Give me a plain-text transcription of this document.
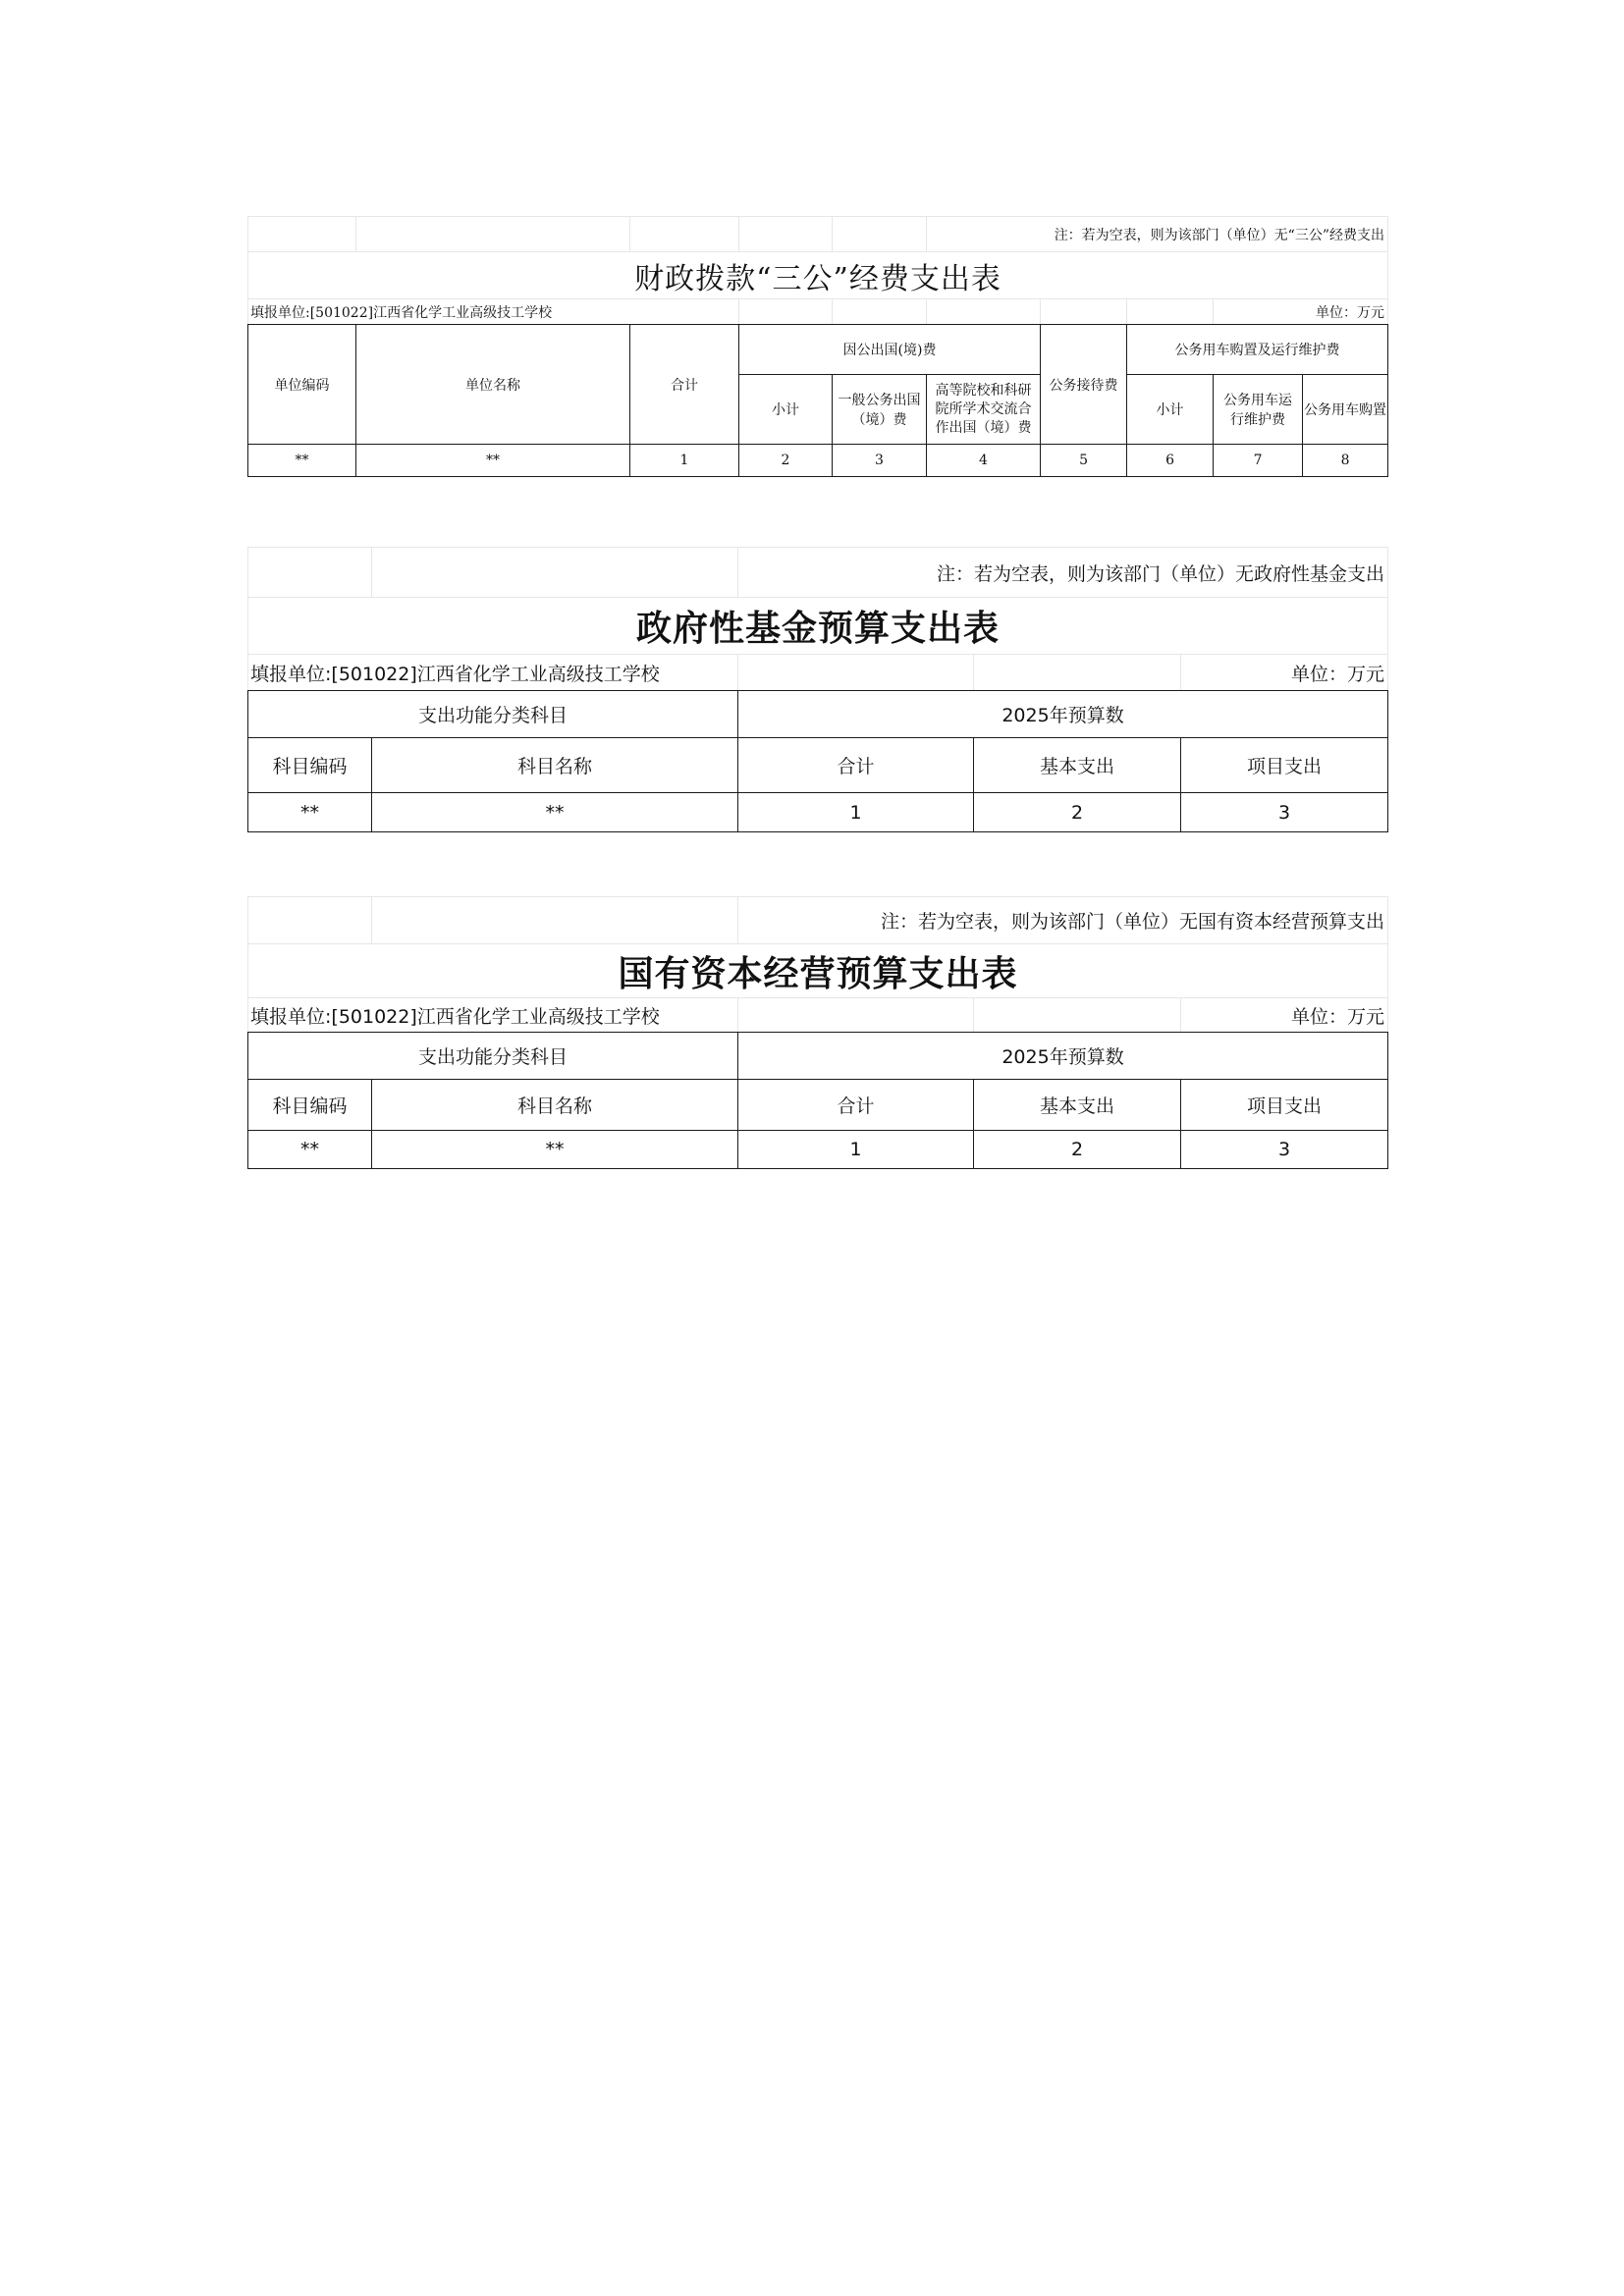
					注：若为空表，则为该部门（单位）无“三公”经费支出			
财政拨款“三公”经费支出表								
填报单位:[501022]江西省化学工业高级技工学校								单位：万元
单位编码	单位名称	合计	因公出国(境)费			公务接待费	公务用车购置及运行维护费		
			小计	一般公务出国（境）费	高等院校和科研院所学术交流合作出国（境）费		小计	公务用车运行维护费	公务用车购置
**	**	1	2	3	4	5	6	7	8
		注：若为空表，则为该部门（单位）无政府性基金支出		
政府性基金预算支出表				
填报单位:[501022]江西省化学工业高级技工学校				单位：万元
支出功能分类科目		2025年预算数		
科目编码	科目名称	合计	基本支出	项目支出
**	**	1	2	3
		注：若为空表，则为该部门（单位）无国有资本经营预算支出		
国有资本经营预算支出表				
填报单位:[501022]江西省化学工业高级技工学校				单位：万元
支出功能分类科目		2025年预算数		
科目编码	科目名称	合计	基本支出	项目支出
**	**	1	2	3
